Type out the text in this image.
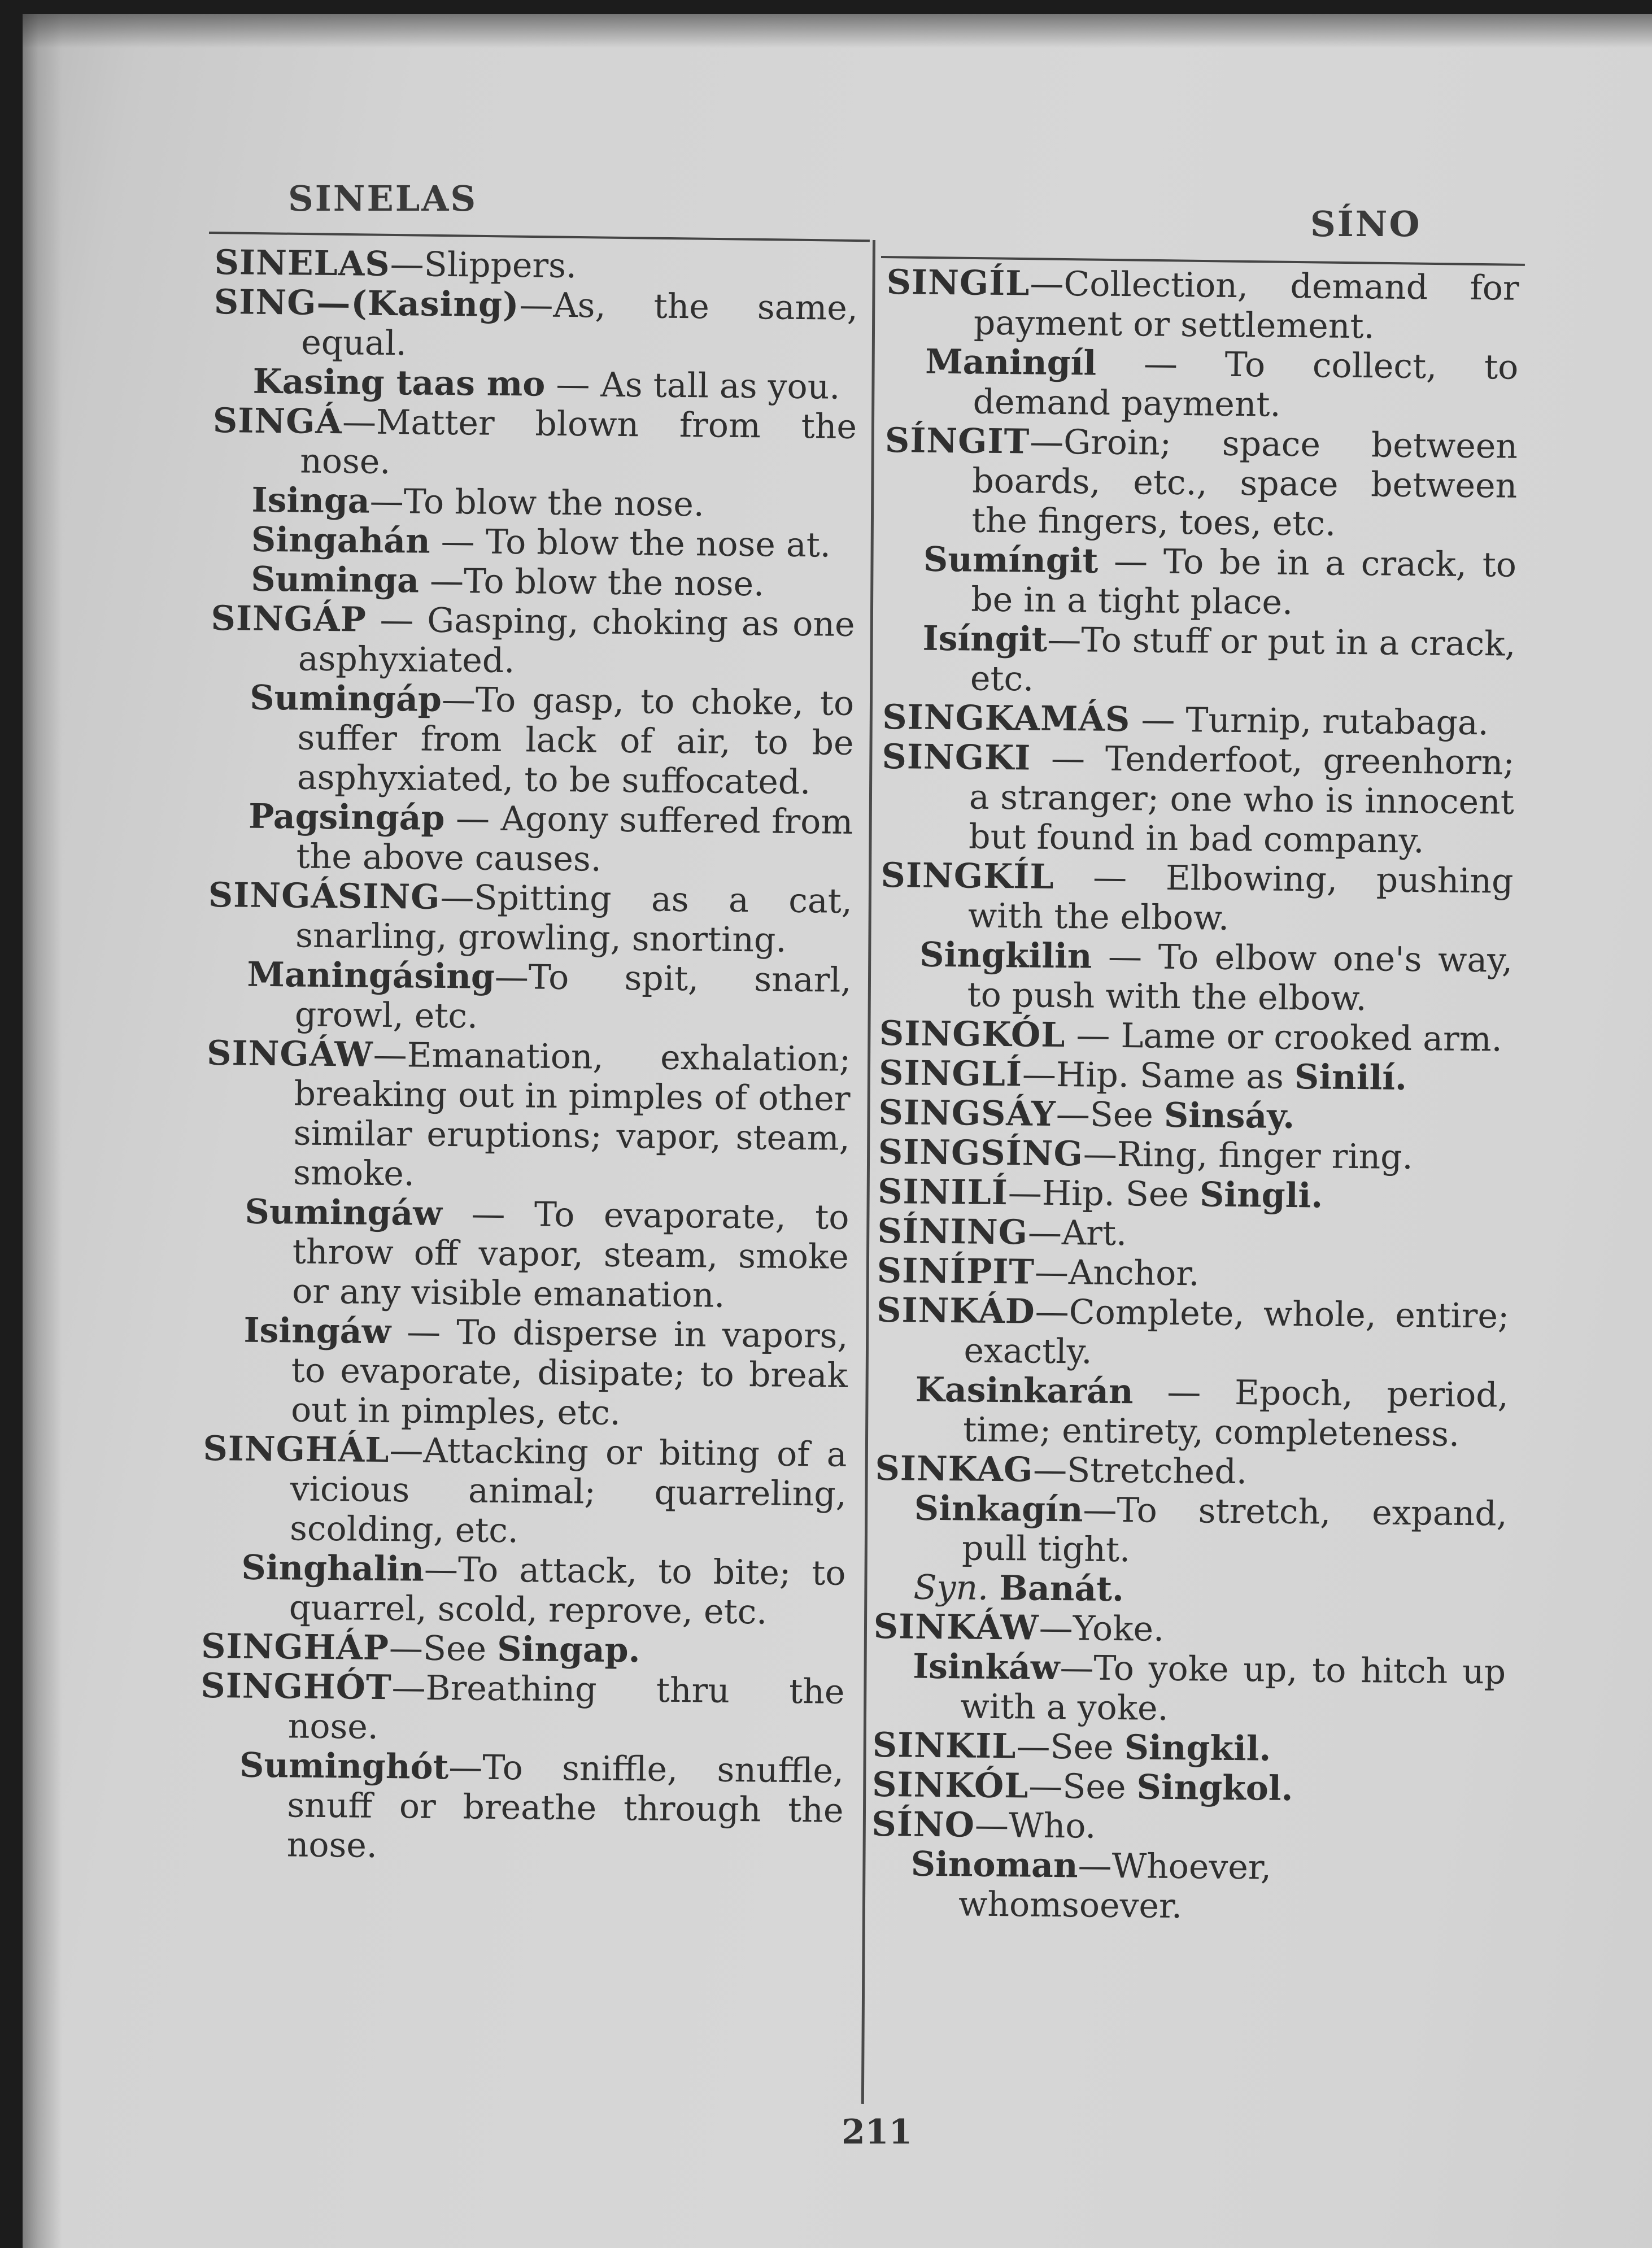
SINELAS
SÍNO

SINELAS—Slippers.

SING—(Kasing)—As, the same, equal.

Kasing taas mo — As tall as you.

SINGÁ—Matter blown from the nose.

Isinga—To blow the nose.

Singahán — To blow the nose at.

Suminga —To blow the nose.

SINGÁP — Gasping, choking as one asphyxiated.

Sumingáp—To gasp, to choke, to suffer from lack of air, to be asphyxiated, to be suffocated.

Pagsingáp — Agony suffered from the above causes.

SINGÁSING—Spitting as a cat, snarling, growling, snorting.

Maningásing—To spit, snarl, growl, etc.

SINGÁW—Emanation, exhalation; breaking out in pimples of other similar eruptions; vapor, steam, smoke.

Sumingáw — To evaporate, to throw off vapor, steam, smoke or any visible emanation.

Isingáw — To disperse in vapors, to evaporate, disipate; to break out in pimples, etc.

SINGHÁL—Attacking or biting of a vicious animal; quarreling, scolding, etc.

Singhalin—To attack, to bite; to quarrel, scold, reprove, etc.

SINGHÁP—See Singap.

SINGHÓT—Breathing thru the nose.

Suminghót—To sniffle, snuffle, snuff or breathe through the nose.

SINGÍL—Collection, demand for payment or settlement.

Maningíl — To collect, to demand payment.

SÍNGIT—Groin; space between boards, etc., space between the fingers, toes, etc.

Sumíngit — To be in a crack, to be in a tight place.

Isíngit—To stuff or put in a crack, etc.

SINGKAMÁS — Turnip, rutabaga.

SINGKI — Tenderfoot, greenhorn; a stranger; one who is innocent but found in bad company.

SINGKÍL — Elbowing, pushing with the elbow.

Singkilin — To elbow one's way, to push with the elbow.

SINGKÓL — Lame or crooked arm.

SINGLÍ—Hip. Same as Sinilí.

SINGSÁY—See Sinsáy.

SINGSÍNG—Ring, finger ring.

SINILÍ—Hip. See Singli.

SÍNING—Art.

SINÍPIT—Anchor.

SINKÁD—Complete, whole, entire; exactly.

Kasinkarán — Epoch, period, time; entirety, completeness.

SINKAG—Stretched.

Sinkagín—To stretch, expand, pull tight.

Syn. Banát.

SINKÁW—Yoke.

Isinkáw—To yoke up, to hitch up with a yoke.

SINKIL—See Singkil.

SINKÓL—See Singkol.

SÍNO—Who.

Sinoman—Whoever, whomsoever.

211
